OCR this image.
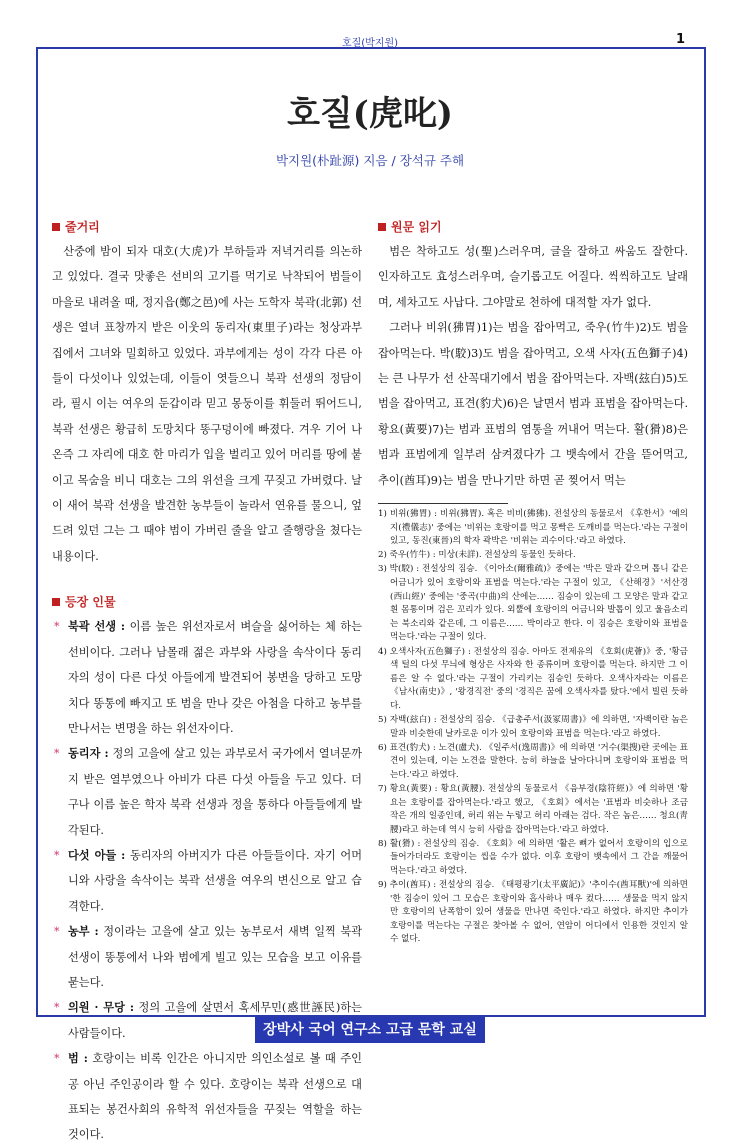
호질(박지원)	1
호질(虎叱)
박지원(朴趾源) 지음 / 장석규 주해
줄거리

산중에 밤이 되자 대호(大虎)가 부하들과 저녁거리를 의논하고 있었다. 결국 맛좋은 선비의 고기를 먹기로 낙착되어 범들이 마을로 내려올 때, 정지읍(鄭之邑)에 사는 도학자 북곽(北郭) 선생은 열녀 표창까지 받은 이웃의 동리자(東里子)라는 청상과부 집에서 그녀와 밀회하고 있었다. 과부에게는 성이 각각 다른 아들이 다섯이나 있었는데, 이들이 엿들으니 북곽 선생의 정담이라, 필시 이는 여우의 둔갑이라 믿고 몽둥이를 휘둘러 뛰어드니, 북곽 선생은 황급히 도망치다 똥구덩이에 빠졌다. 겨우 기어 나온즉 그 자리에 대호 한 마리가 입을 벌리고 있어 머리를 땅에 붙이고 목숨을 비니 대호는 그의 위선을 크게 꾸짖고 가버렸다. 날이 새어 북곽 선생을 발견한 농부들이 놀라서 연유를 물으니, 엎드려 있던 그는 그 때야 범이 가버린 줄을 알고 줄행랑을 쳤다는 내용이다.

등장 인물
* 북곽 선생 : 이름 높은 위선자로서 벼슬을 싫어하는 체 하는 선비이다. 그러나 남몰래 젊은 과부와 사랑을 속삭이다 동리자의 성이 다른 다섯 아들에게 발견되어 봉변을 당하고 도망치다 똥통에 빠지고 또 범을 만나 갖은 아첨을 다하고 농부를 만나서는 변명을 하는 위선자이다.
* 동리자 : 정의 고을에 살고 있는 과부로서 국가에서 열녀문까지 받은 열부였으나 아비가 다른 다섯 아들을 두고 있다. 더구나 이름 높은 학자 북곽 선생과 정을 통하다 아들들에게 발각된다.
* 다섯 아들 : 동리자의 아버지가 다른 아들들이다. 자기 어머니와 사랑을 속삭이는 북곽 선생을 여우의 변신으로 알고 습격한다.
* 농부 : 정이라는 고을에 살고 있는 농부로서 새벽 일찍 북곽 선생이 똥통에서 나와 범에게 빌고 있는 모습을 보고 이유를 묻는다.
* 의원 · 무당 : 정의 고을에 살면서 혹세무민(惑世誣民)하는 사람들이다.
* 범 : 호랑이는 비록 인간은 아니지만 의인소설로 볼 때 주인공 아닌 주인공이라 할 수 있다. 호랑이는 북곽 선생으로 대표되는 봉건사회의 유학적 위선자들을 꾸짖는 역할을 하는 것이다.
원문 읽기

범은 착하고도 성(聖)스러우며, 글을 잘하고 싸움도 잘한다. 인자하고도 효성스러우며, 슬기롭고도 어질다. 씩씩하고도 날래며, 세차고도 사납다. 그야말로 천하에 대적할 자가 없다.

그러나 비위(狒胃)1)는 범을 잡아먹고, 죽우(竹牛)2)도 범을 잡아먹는다. 박(駮)3)도 범을 잡아먹고, 오색 사자(五色獅子)4)는 큰 나무가 선 산꼭대기에서 범을 잡아먹는다. 자백(玆白)5)도 범을 잡아먹고, 표견(豹犬)6)은 날면서 범과 표범을 잡아먹는다. 황요(黃要)7)는 범과 표범의 염통을 꺼내어 먹는다. 활(猾)8)은 범과 표범에게 일부러 삼켜졌다가 그 뱃속에서 간을 뜯어먹고, 추이(酋耳)9)는 범을 만나기만 하면 곧 찢어서 먹는

1) 비위(狒胃) : 비위(狒胃). 혹은 비비(狒狒). 전설상의 동물로서 《후한서》'예의지(禮儀志)' 중에는 '비위는 호랑이를 먹고 몽빡은 도깨비를 먹는다.'라는 구절이 있고, 동진(東晉)의 학자 곽박은 '비위는 괴수이다.'라고 하였다.
2) 죽우(竹牛) : 미상(未詳). 전설상의 동물인 듯하다.
3) 박(駮) : 전설상의 짐승. 《이아소(爾雅疏)》중에는 '박은 말과 같으며 톱니 같은 어금니가 있어 호랑이와 표범을 먹는다.'라는 구절이 있고, 《산해경》'서산경(西山經)' 중에는 '중곡(中曲)의 산에는…… 짐승이 있는데 그 모양은 말과 같고 흰 몸통이며 검은 꼬리가 있다. 외뿔에 호랑이의 어금니와 발톱이 있고 울음소리는 북소리와 같은데, 그 이름은…… 박이라고 한다. 이 짐승은 호랑이와 표범을 먹는다.'라는 구절이 있다.
4) 오색사자(五色獅子) : 전설상의 짐승. 아마도 전제유의 《호회(虎薈)》중, '황금색 털의 다섯 무늬에 형상은 사자와 한 종류이며 호랑이를 먹는다. 하지만 그 이름은 알 수 없다.'라는 구절이 가리키는 짐승인 듯하다. 오색사자라는 이름은 《남사(南史)》, '왕경직전' 중의 '경직은 꿈에 오색사자를 탔다.'에서 빌린 듯하다.
5) 자백(玆白) : 전설상의 짐승. 《급총주서(汲冢周書)》에 의하면, '자백이란 놈은 말과 비슷한데 날카로운 이가 있어 호랑이와 표범을 먹는다.'라고 하였다.
6) 표견(豹犬) : 노견(盧犬). 《일주서(逸周書)》에 의하면 '거수(渠搜)란 곳에는 표견이 있는데, 이는 노견을 말한다. 능히 하늘을 날아다니며 호랑이와 표범을 먹는다.'라고 하였다.
7) 황요(黃要) : 황요(黃腰). 전설상의 동물로서 《음부경(陰符經)》에 의하면 '황요는 호랑이를 잡아먹는다.'라고 했고, 《호회》에서는 '표범과 비슷하나 조금 작은 개의 일종인데, 허리 위는 누렇고 허리 아래는 검다. 작은 놈은…… 청요(靑腰)라고 하는데 역시 능히 사람을 잡아먹는다.'라고 하였다.
8) 활(猾) : 전설상의 짐승. 《호회》에 의하면 '활은 뼈가 없어서 호랑이의 입으로 들어가더라도 호랑이는 씹을 수가 없다. 이후 호랑이 뱃속에서 그 간을 깨물어 먹는다.'라고 하였다.
9) 추이(酋耳) : 전설상의 짐승. 《태평광기(太平廣記)》'추이수(酋耳獸)'에 의하면 '한 짐승이 있어 그 모습은 호랑이와 흡사하나 매우 컸다…… 생물을 먹지 않지만 호랑이의 난폭함이 있어 생물을 만나면 죽인다.'라고 하였다. 하지만 추이가 호랑이를 먹는다는 구절은 찾아볼 수 없어, 연암이 어디에서 인용한 것인지 알 수 없다.
장박사 국어 연구소 고급 문학 교실
